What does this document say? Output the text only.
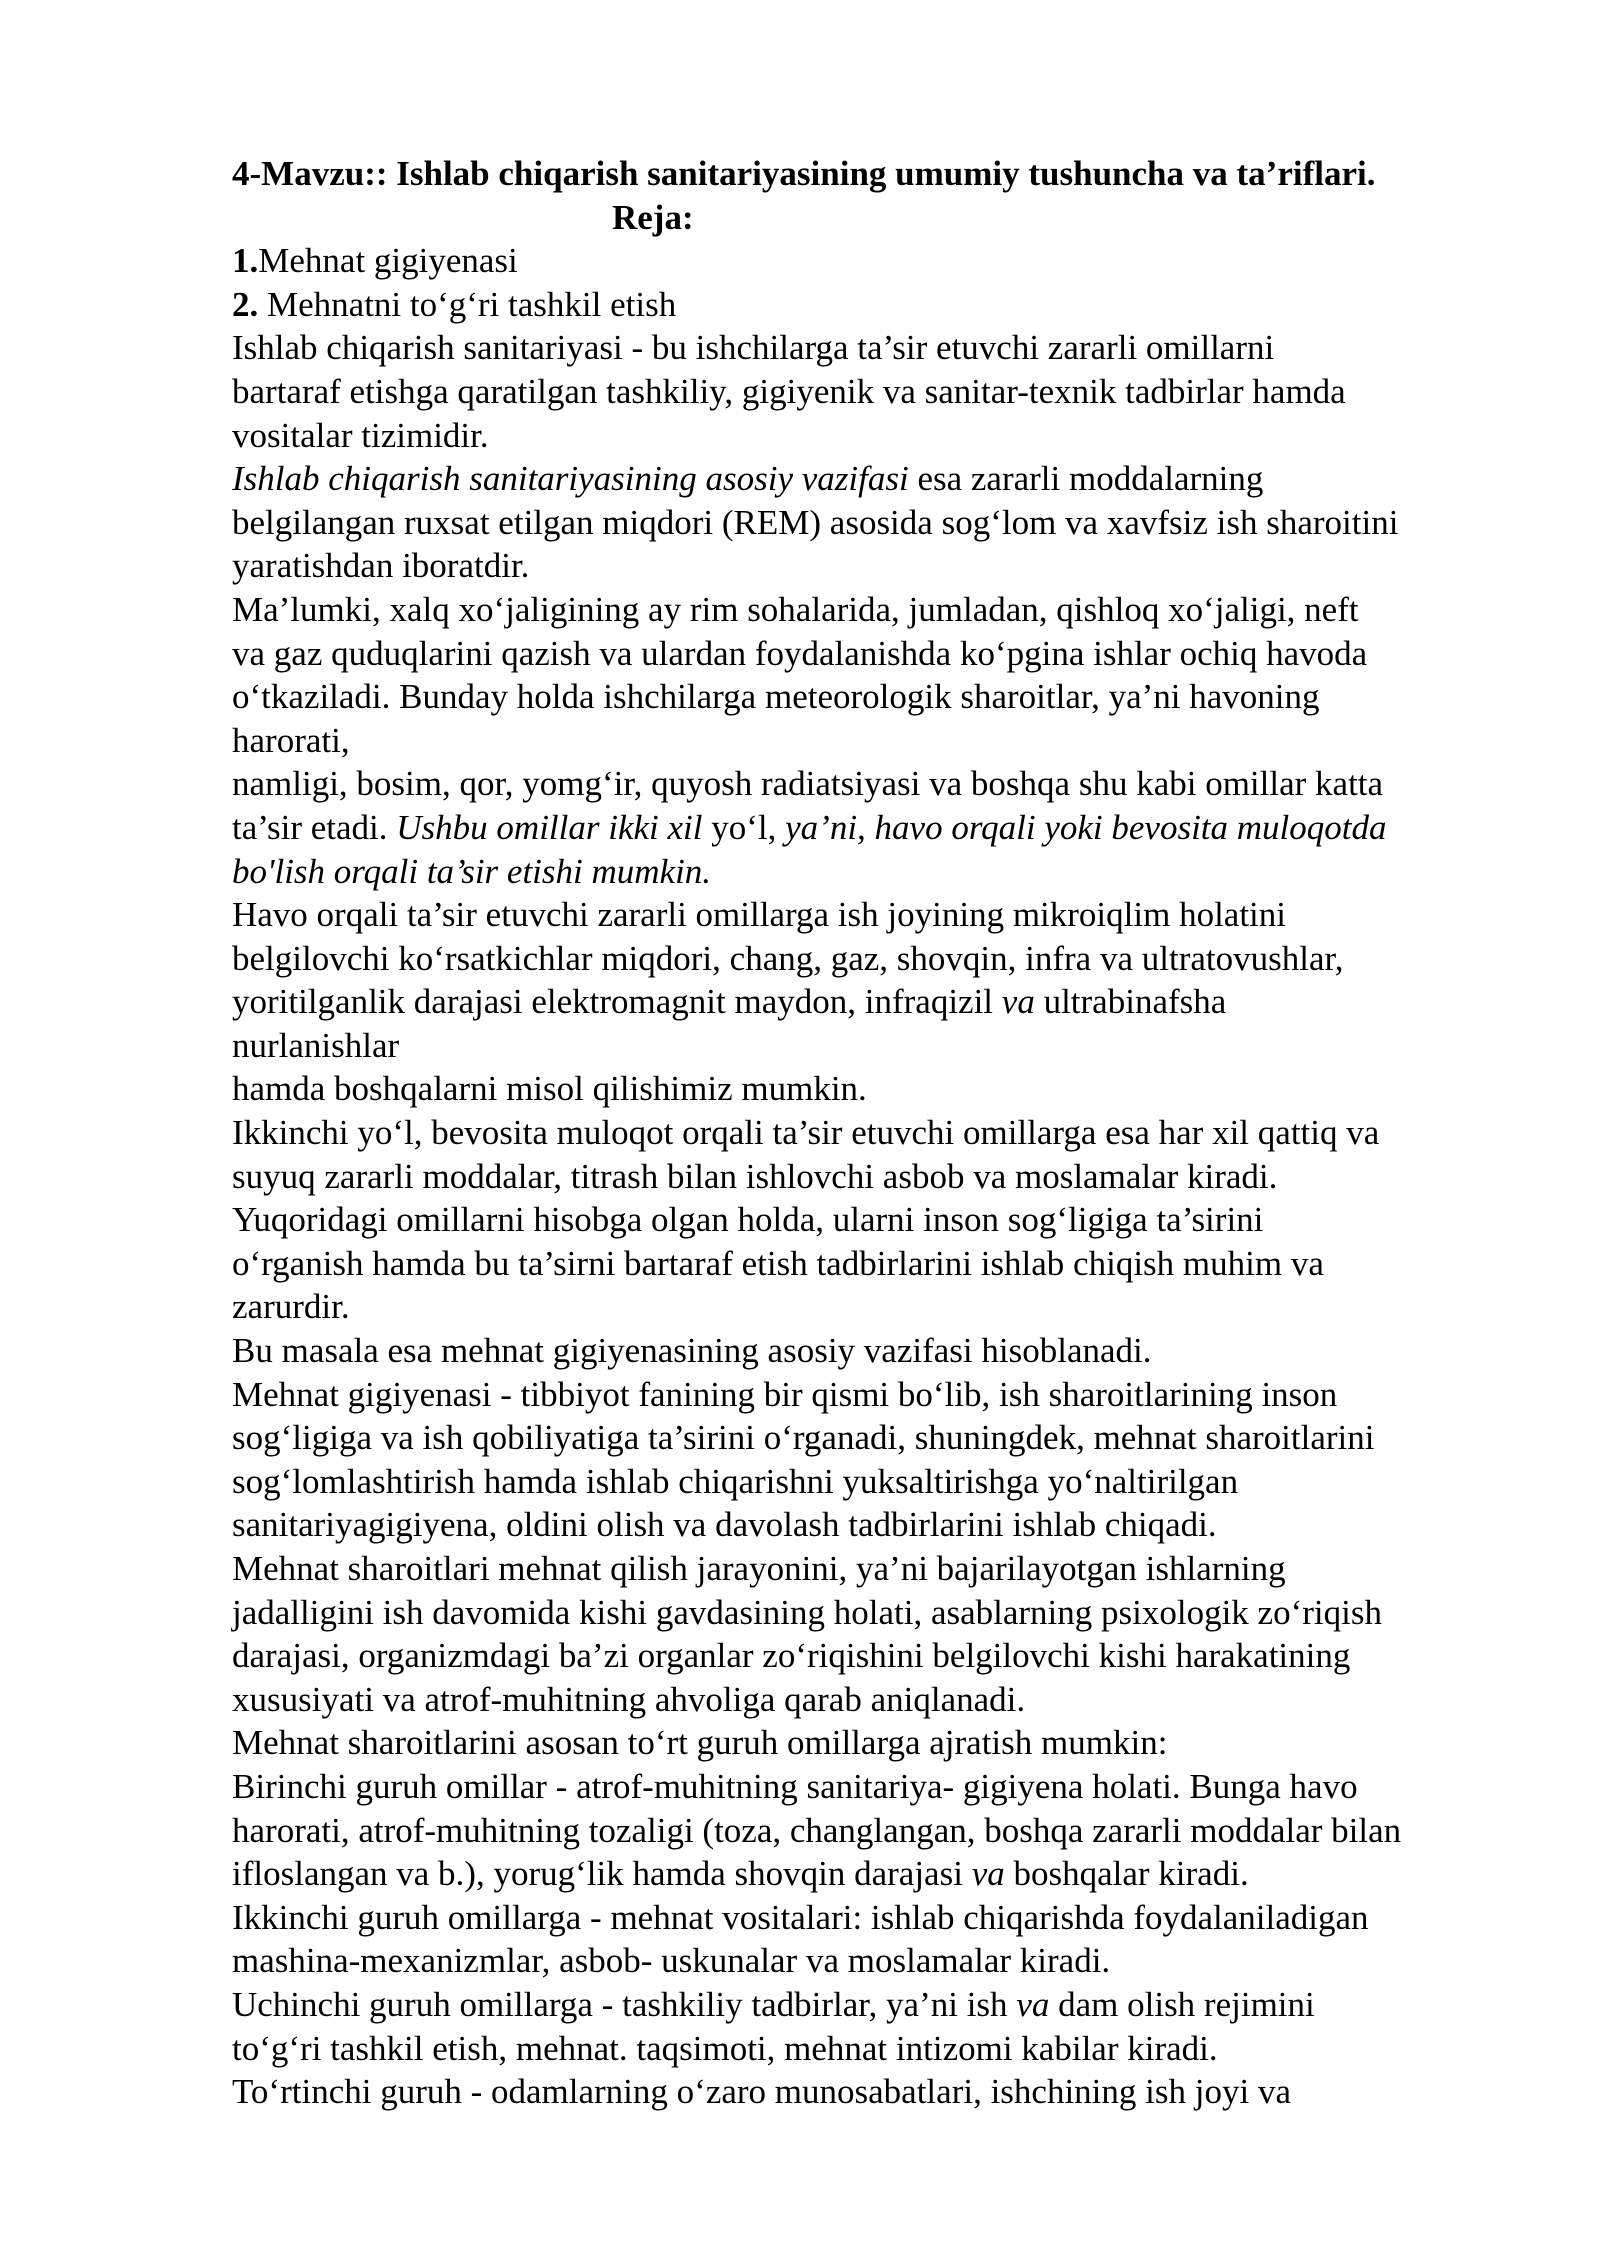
4-Mavzu:: Ishlab chiqarish sanitariyasining umumiy tushuncha va ta’riflari.
Reja:
1.Mehnat gigiyenasi
2. Mehnatni to‘g‘ri tashkil etish
Ishlab chiqarish sanitariyasi - bu ishchilarga ta’sir etuvchi zararli omillarni
bartaraf etishga qaratilgan tashkiliy, gigiyenik va sanitar-texnik tadbirlar hamda
vositalar tizimidir.
Ishlab chiqarish sanitariyasining asosiy vazifasi esa zararli moddalarning
belgilangan ruxsat etilgan miqdori (REM) asosida sog‘lom va xavfsiz ish sharoitini
yaratishdan iboratdir.
Ma’lumki, xalq xo‘jaligining ay rim sohalarida, jumladan, qishloq xo‘jaligi, neft
va gaz quduqlarini qazish va ulardan foydalanishda ko‘pgina ishlar ochiq havoda
o‘tkaziladi. Bunday holda ishchilarga meteorologik sharoitlar, ya’ni havoning
harorati,
namligi, bosim, qor, yomg‘ir, quyosh radiatsiyasi va boshqa shu kabi omillar katta
ta’sir etadi. Ushbu omillar ikki xil yo‘l, ya’ni, havo orqali yoki bevosita muloqotda
bo'lish orqali ta’sir etishi mumkin.
Havo orqali ta’sir etuvchi zararli omillarga ish joyining mikroiqlim holatini
belgilovchi ko‘rsatkichlar miqdori, chang, gaz, shovqin, infra va ultratovushlar,
yoritilganlik darajasi elektromagnit maydon, infraqizil va ultrabinafsha
nurlanishlar
hamda boshqalarni misol qilishimiz mumkin.
Ikkinchi yo‘l, bevosita muloqot orqali ta’sir etuvchi omillarga esa har xil qattiq va
suyuq zararli moddalar, titrash bilan ishlovchi asbob va moslamalar kiradi.
Yuqoridagi omillarni hisobga olgan holda, ularni inson sog‘ligiga ta’sirini
o‘rganish hamda bu ta’sirni bartaraf etish tadbirlarini ishlab chiqish muhim va
zarurdir.
Bu masala esa mehnat gigiyenasining asosiy vazifasi hisoblanadi.
Mehnat gigiyenasi - tibbiyot fanining bir qismi bo‘lib, ish sharoitlarining inson
sog‘ligiga va ish qobiliyatiga ta’sirini o‘rganadi, shuningdek, mehnat sharoitlarini
sog‘lomlashtirish hamda ishlab chiqarishni yuksaltirishga yo‘naltirilgan
sanitariyagigiyena, oldini olish va davolash tadbirlarini ishlab chiqadi.
Mehnat sharoitlari mehnat qilish jarayonini, ya’ni bajarilayotgan ishlarning
jadalligini ish davomida kishi gavdasining holati, asablarning psixologik zo‘riqish
darajasi, organizmdagi ba’zi organlar zo‘riqishini belgilovchi kishi harakatining
xususiyati va atrof-muhitning ahvoliga qarab aniqlanadi.
Mehnat sharoitlarini asosan to‘rt guruh omillarga ajratish mumkin:
Birinchi guruh omillar - atrof-muhitning sanitariya- gigiyena holati. Bunga havo
harorati, atrof-muhitning tozaligi (toza, changlangan, boshqa zararli moddalar bilan
ifloslangan va b.), yorug‘lik hamda shovqin darajasi va boshqalar kiradi.
Ikkinchi guruh omillarga - mehnat vositalari: ishlab chiqarishda foydalaniladigan
mashina-mexanizmlar, asbob- uskunalar va moslamalar kiradi.
Uchinchi guruh omillarga - tashkiliy tadbirlar, ya’ni ish va dam olish rejimini
to‘g‘ri tashkil etish, mehnat. taqsimoti, mehnat intizomi kabilar kiradi.
To‘rtinchi guruh - odamlarning o‘zaro munosabatlari, ishchining ish joyi va
